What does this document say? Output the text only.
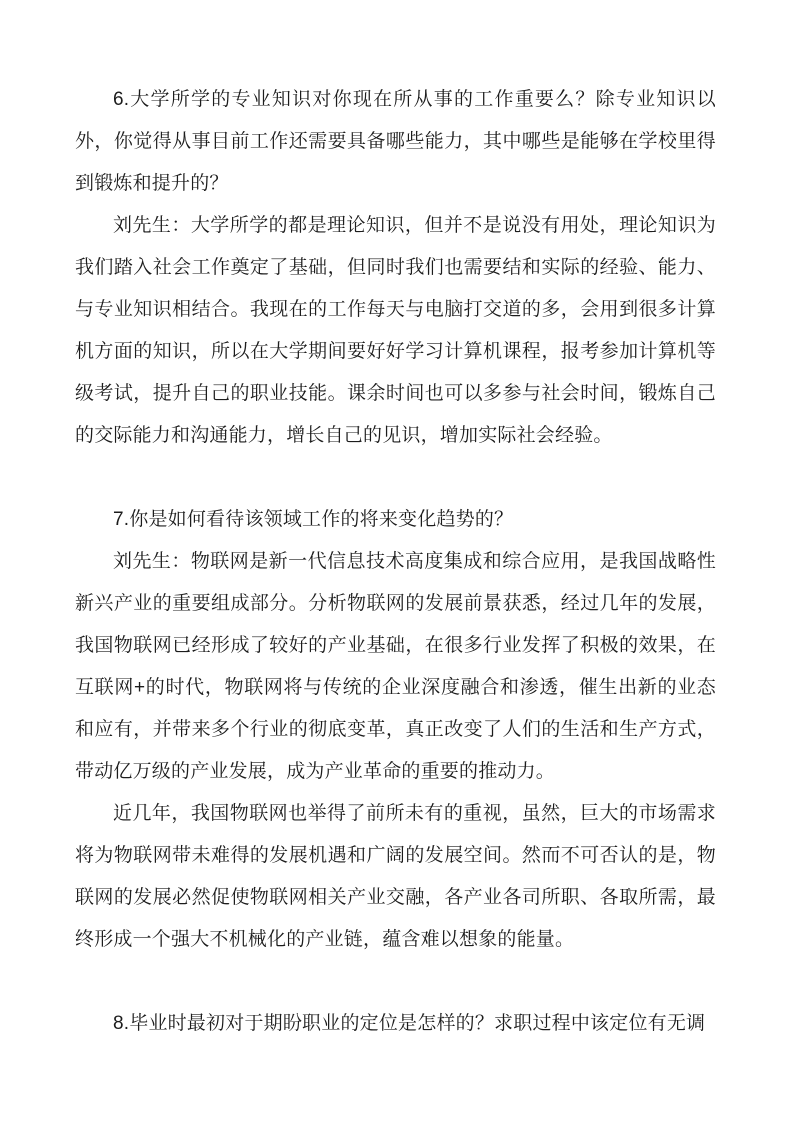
6.大学所学的专业知识对你现在所从事的工作重要么？除专业知识以外，你觉得从事目前工作还需要具备哪些能力，其中哪些是能够在学校里得到锻炼和提升的？

刘先生：大学所学的都是理论知识，但并不是说没有用处，理论知识为我们踏入社会工作奠定了基础，但同时我们也需要结和实际的经验、能力、与专业知识相结合。我现在的工作每天与电脑打交道的多，会用到很多计算机方面的知识，所以在大学期间要好好学习计算机课程，报考参加计算机等级考试，提升自己的职业技能。课余时间也可以多参与社会时间，锻炼自己的交际能力和沟通能力，增长自己的见识，增加实际社会经验。

7.你是如何看待该领域工作的将来变化趋势的？

刘先生：物联网是新一代信息技术高度集成和综合应用，是我国战略性新兴产业的重要组成部分。分析物联网的发展前景获悉，经过几年的发展，我国物联网已经形成了较好的产业基础，在很多行业发挥了积极的效果，在互联网+的时代，物联网将与传统的企业深度融合和渗透，催生出新的业态和应有，并带来多个行业的彻底变革，真正改变了人们的生活和生产方式，带动亿万级的产业发展，成为产业革命的重要的推动力。

近几年，我国物联网也举得了前所未有的重视，虽然，巨大的市场需求将为物联网带未难得的发展机遇和广阔的发展空间。然而不可否认的是，物联网的发展必然促使物联网相关产业交融，各产业各司所职、各取所需，最终形成一个强大不机械化的产业链，蕴含难以想象的能量。

8.毕业时最初对于期盼职业的定位是怎样的？求职过程中该定位有无调
